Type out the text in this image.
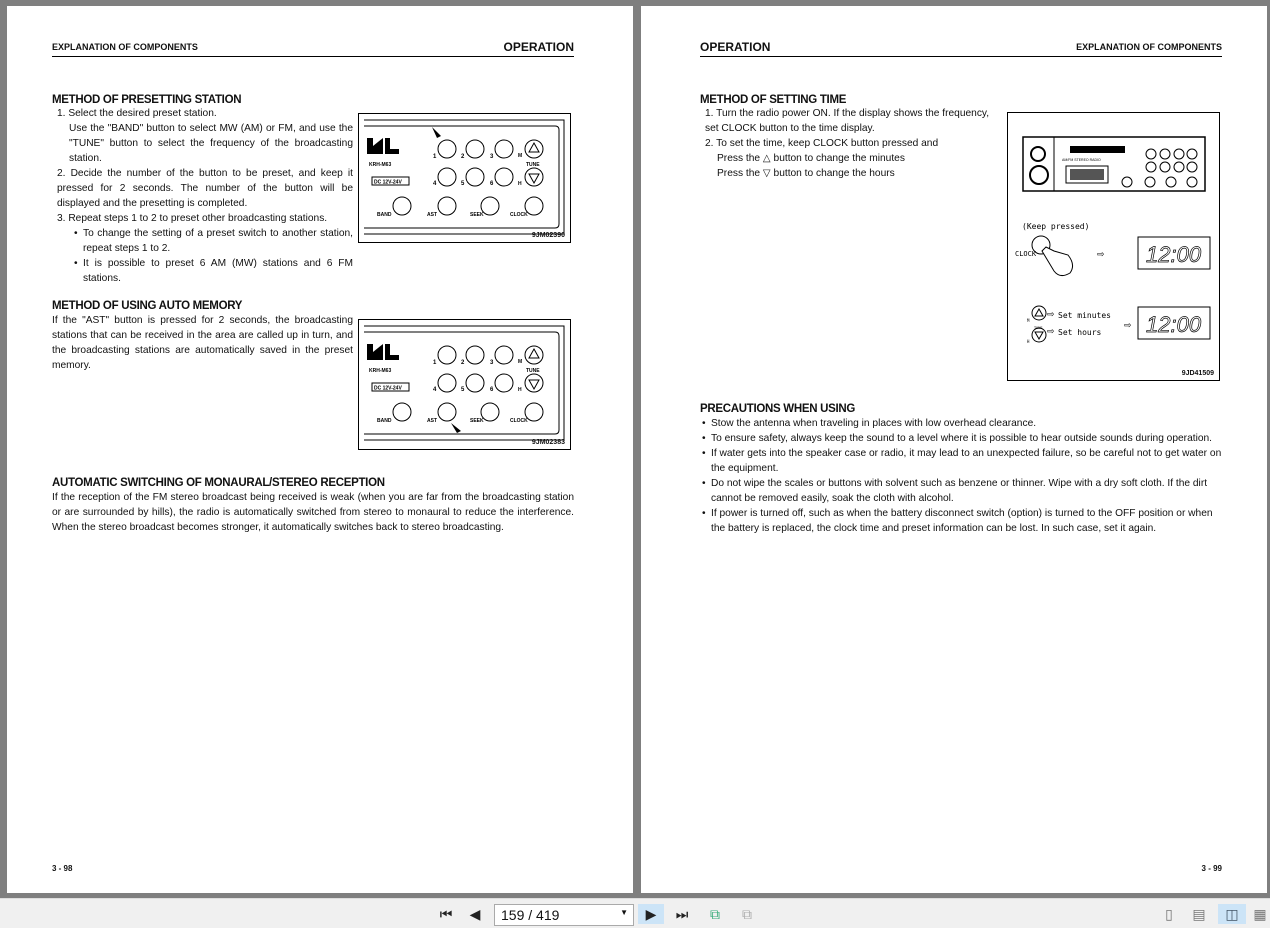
EXPLANATION OF COMPONENTS	OPERATION
METHOD OF PRESETTING STATION

1. Select the desired preset station.

Use the "BAND" button to select MW (AM) or FM, and use the "TUNE" button to select the frequency of the broadcasting station.

2. Decide the number of the button to be preset, and keep it pressed for 2 seconds. The number of the button will be displayed and the presetting is completed.

3. Repeat steps 1 to 2 to preset other broadcasting stations.

• To change the setting of a preset switch to another station, repeat steps 1 to 2.

• It is possible to preset 6 AM (MW) stations and 6 FM stations.

KRH-M63
DC 12V-24V
1	2	3
4	5	6
M
H
TUNE
BAND	AST	SEEK	CLOCK
9JM02390
METHOD OF USING AUTO MEMORY
If the "AST" button is pressed for 2 seconds, the broadcasting stations that can be received in the area are called up in turn, and the broadcasting stations are automatically saved in the preset memory.	KRH-M63
DC 12V-24V
1	2	3
4	5	6
M
H
TUNE
BAND	AST	SEEK	CLOCK
9JM02383
AUTOMATIC SWITCHING OF MONAURAL/STEREO RECEPTION
If the reception of the FM stereo broadcast being received is weak (when you are far from the broadcasting station or are surrounded by hills), the radio is automatically switched from stereo to monaural to reduce the interference. When the stereo broadcast becomes stronger, it automatically switches back to stereo broadcasting.
3 - 98
OPERATION	EXPLANATION OF COMPONENTS
METHOD OF SETTING TIME

1. Turn the radio power ON. If the display shows the frequency, set CLOCK button to the time display.

2. To set the time, keep CLOCK button pressed and

Press the △ button to change the minutes

Press the ▽ button to change the hours

AM/FM STEREO RADIO
(Keep pressed)
CLOCK
Set minutes
Set hours
M
H
TUNE
⇨ 12:00
⇨
⇨
⇨ 12:00
9JD41509
PRECAUTIONS WHEN USING

• Stow the antenna when traveling in places with low overhead clearance.

• To ensure safety, always keep the sound to a level where it is possible to hear outside sounds during operation.

• If water gets into the speaker case or radio, it may lead to an unexpected failure, so be careful not to get water on the equipment.

• Do not wipe the scales or buttons with solvent such as benzene or thinner. Wipe with a dry soft cloth. If the dirt cannot be removed easily, soak the cloth with alcohol.

• If power is turned off, such as when the battery disconnect switch (option) is turned to the OFF position or when the battery is replaced, the clock time and preset information can be lost. In such case, set it again.

3 - 99
⏮	◀	159 / 419	▼	▶	⏭	⧉	⧉	▯	▤	◫	▦
